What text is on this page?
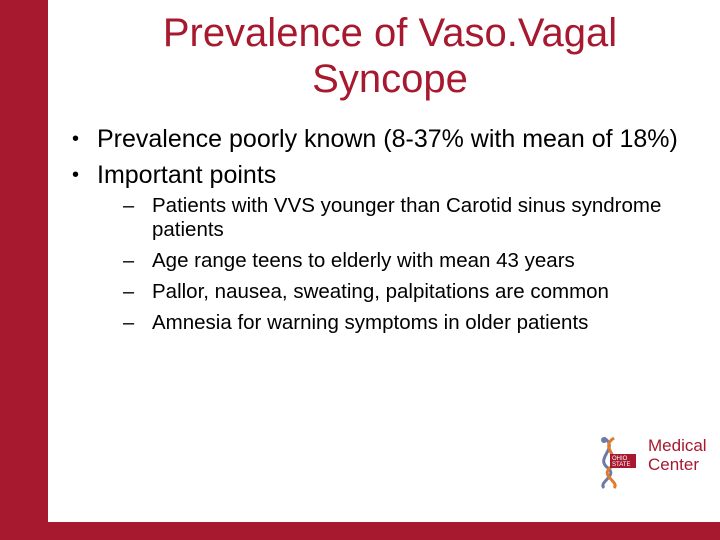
Prevalence of Vaso.Vagal
Syncope
• Prevalence poorly known (8-37% with mean of 18%)
• Important points
– Patients with VVS younger than Carotid sinus syndrome patients
– Age range teens to elderly with mean 43 years
– Pallor, nausea, sweating, palpitations are common
– Amnesia for warning symptoms in older patients
OHIO
STATE
Medical
Center
